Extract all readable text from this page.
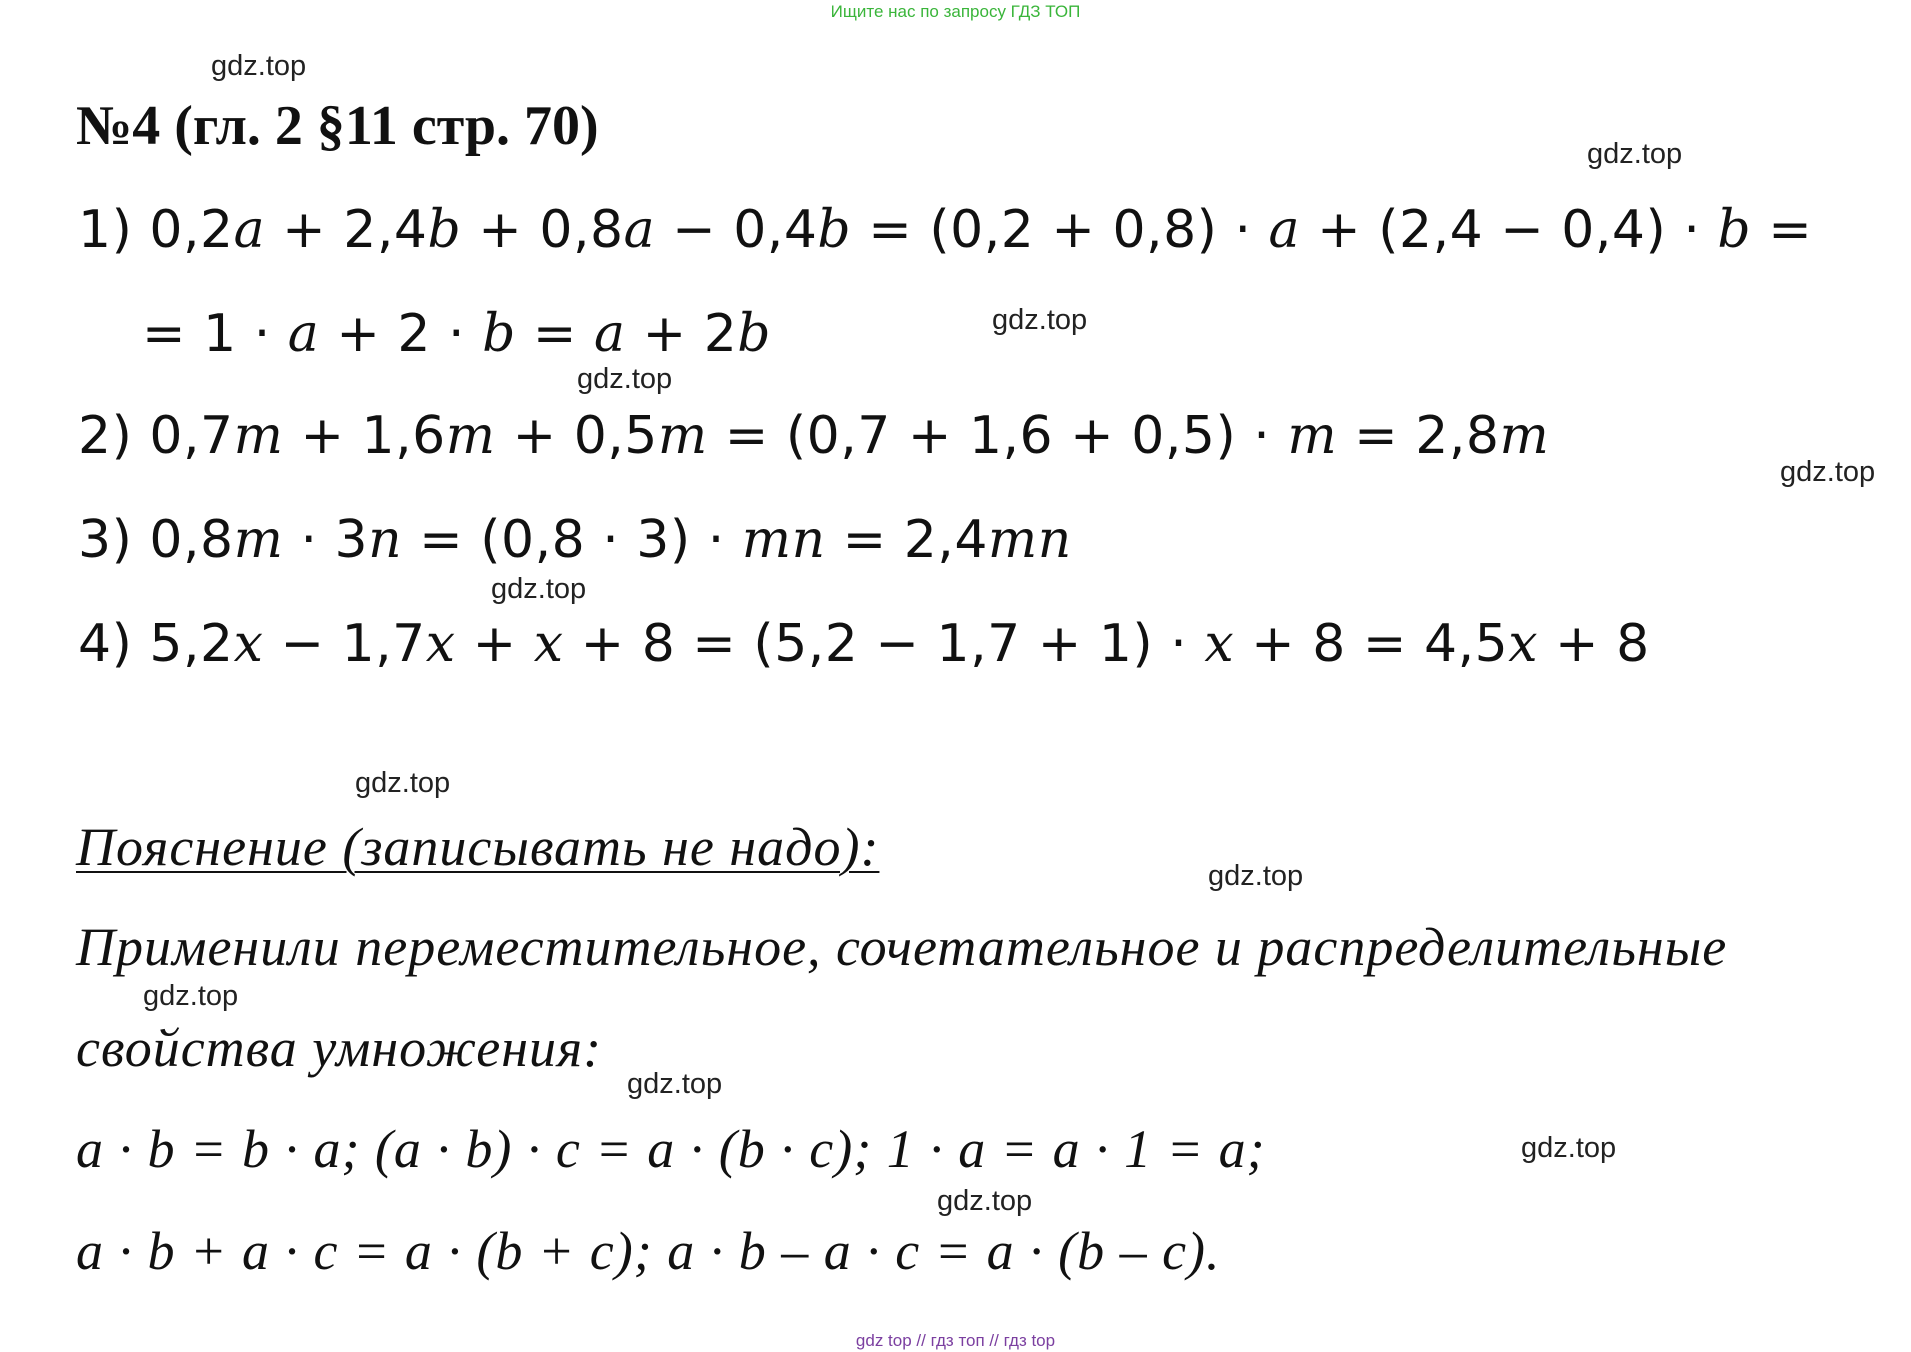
Ищите нас по запросу ГДЗ ТОП
№4 (гл. 2 §11 стр. 70)
1) 0,2a + 2,4b + 0,8a − 0,4b = (0,2 + 0,8) · a + (2,4 − 0,4) · b =
= 1 · a + 2 · b = a + 2b
2) 0,7m + 1,6m + 0,5m = (0,7 + 1,6 + 0,5) · m = 2,8m
3) 0,8m · 3n = (0,8 · 3) · mn = 2,4mn
4) 5,2x − 1,7x + x + 8 = (5,2 − 1,7 + 1) · x + 8 = 4,5x + 8
Пояснение (записывать не надо):
Применили переместительное, сочетательное и распределительные
свойства умножения:
a · b = b · a; (a · b) · c = a · (b · c); 1 · a = a · 1 = a;
a · b + a · c = a · (b + c); a · b – a · c = a · (b – c).
gdz.top
gdz.top
gdz.top
gdz.top
gdz.top
gdz.top
gdz.top
gdz.top
gdz.top
gdz.top
gdz.top
gdz.top
gdz top // гдз топ // гдз top
